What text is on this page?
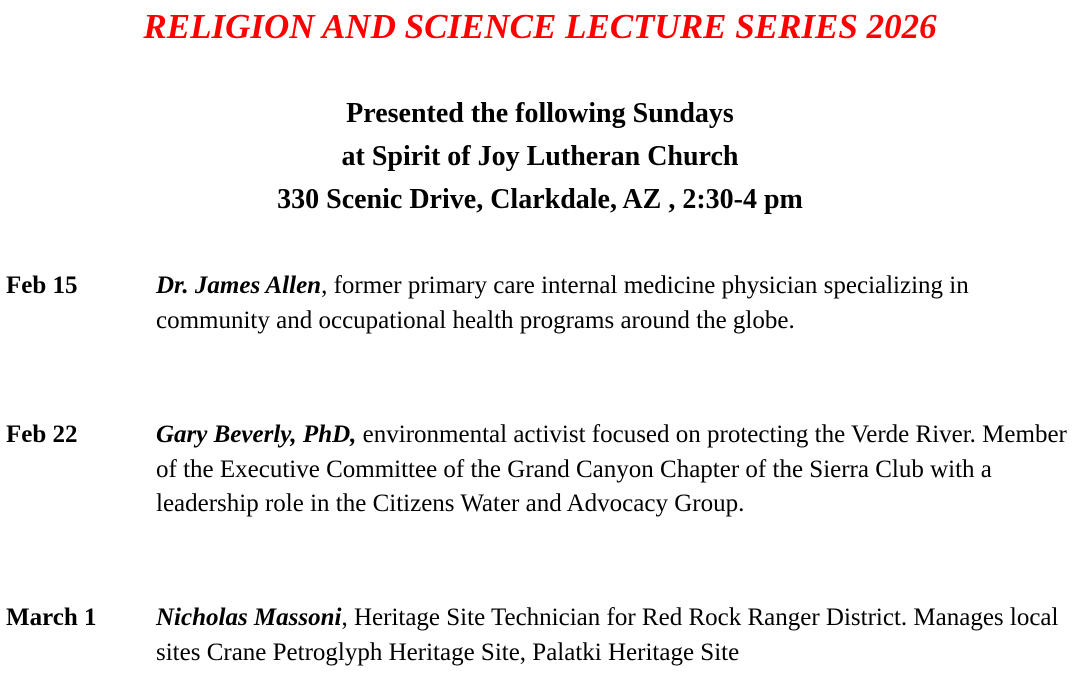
RELIGION AND SCIENCE LECTURE SERIES 2026
Presented the following Sundays
at Spirit of Joy Lutheran Church
330 Scenic Drive, Clarkdale, AZ , 2:30-4 pm
Feb 15	Dr. James Allen, former primary care internal medicine physician specializing in community and occupational health programs around the globe.
Feb 22	Gary Beverly, PhD, environmental activist focused on protecting the Verde River. Member of the Executive Committee of the Grand Canyon Chapter of the Sierra Club with a leadership role in the Citizens Water and Advocacy Group.
March 1 Nicholas Massoni, Heritage Site Technician for Red Rock Ranger District. Manages local sites Crane Petroglyph Heritage Site, Palatki Heritage Site
